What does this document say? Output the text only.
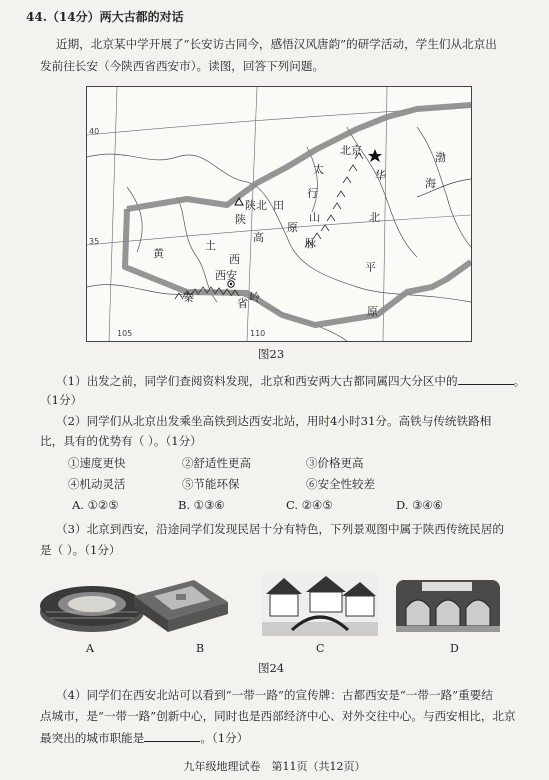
44.（14分）两大古都的对话
近期，北京某中学开展了“长安访古同今，感悟汉风唐韵”的研学活动，学生们从北京出
发前往长安（今陕西省西安市）。读图，回答下列问题。
40
35
105	110
北京
渤
海
华
北
平
原
太
行
山
脉
原
陕北 田
陕
高
黄
土
西
西安
秦	省 岭
图23
（1）出发之前，同学们查阅资料发现，北京和西安两大古都同属四大分区中的	。
（1分）
（2）同学们从北京出发乘坐高铁到达西安北站，用时4小时31分。高铁与传统铁路相
比，具有的优势有（ ）。（1分）
①速度更快	②舒适性更高	③价格更高
④机动灵活	⑤节能环保	⑥安全性较差
A. ①②⑤	B. ①③⑥	C. ②④⑤	D. ③④⑥
（3）北京到西安，沿途同学们发现民居十分有特色，下列景观图中属于陕西传统民居的
是（ ）。（1分）
A	B	C	D
图24
（4）同学们在西安北站可以看到“一带一路”的宣传牌：古都西安是“一带一路”重要结
点城市，是“一带一路”创新中心，同时也是西部经济中心、对外交往中心。与西安相比，北京
最突出的城市职能是	。（1分）
九年级地理试卷　第11页（共12页）
